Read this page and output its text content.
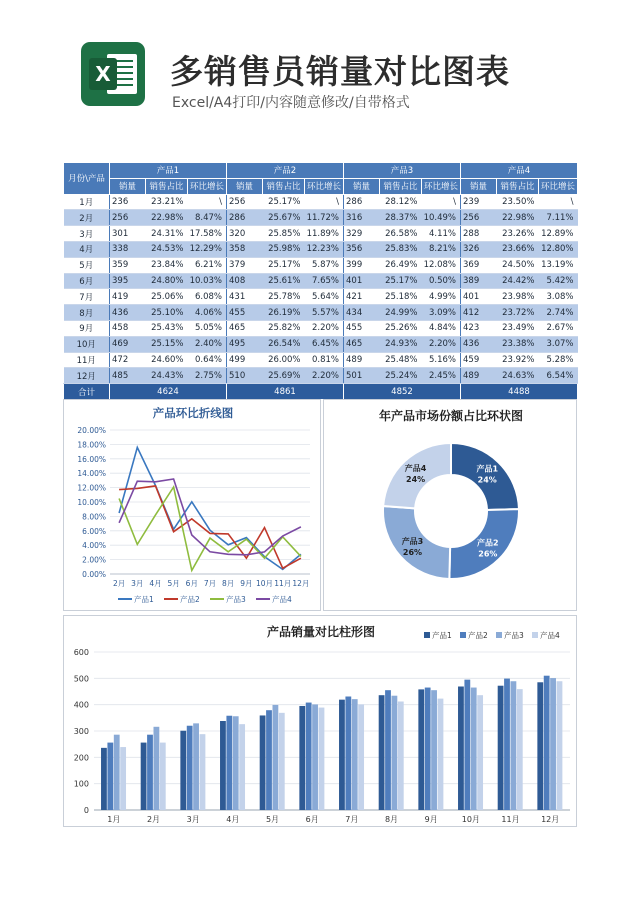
X 多销售员销量对比图表
Excel/A4打印/内容随意修改/自带格式
月份\产品	产品1			产品2			产品3			产品4		
	销量	销售占比	环比增长	销量	销售占比	环比增长	销量	销售占比	环比增长	销量	销售占比	环比增长
1月	236	23.21%	\	256	25.17%	\	286	28.12%	\	239	23.50%	\
2月	256	22.98%	8.47%	286	25.67%	11.72%	316	28.37%	10.49%	256	22.98%	7.11%
3月	301	24.31%	17.58%	320	25.85%	11.89%	329	26.58%	4.11%	288	23.26%	12.89%
4月	338	24.53%	12.29%	358	25.98%	12.23%	356	25.83%	8.21%	326	23.66%	12.80%
5月	359	23.84%	6.21%	379	25.17%	5.87%	399	26.49%	12.08%	369	24.50%	13.19%
6月	395	24.80%	10.03%	408	25.61%	7.65%	401	25.17%	0.50%	389	24.42%	5.42%
7月	419	25.06%	6.08%	431	25.78%	5.64%	421	25.18%	4.99%	401	23.98%	3.08%
8月	436	25.10%	4.06%	455	26.19%	5.57%	434	24.99%	3.09%	412	23.72%	2.74%
9月	458	25.43%	5.05%	465	25.82%	2.20%	455	25.26%	4.84%	423	23.49%	2.67%
10月	469	25.15%	2.40%	495	26.54%	6.45%	465	24.93%	2.20%	436	23.38%	3.07%
11月	472	24.60%	0.64%	499	26.00%	0.81%	489	25.48%	5.16%	459	23.92%	5.28%
12月	485	24.43%	2.75%	510	25.69%	2.20%	501	25.24%	2.45%	489	24.63%	6.54%
合计	4624			4861			4852			4488		
产品环比折线图
0.00%
2.00%
4.00%
6.00%
8.00%
10.00%
12.00%
14.00%
16.00%
18.00%
20.00%
2月 3月 4月 5月 6月 7月 8月 9月 10月 11月 12月
产品1	产品2	产品3	产品4
年产品市场份额占比环状图
产品1
24%
产品2
26%
产品3
26%
产品4
24%
产品销量对比柱形图
0
100
200
300
400
500
600
1月	2月	3月	4月	5月	6月	7月	8月	9月	10月	11月	12月
产品1 产品2 产品3 产品4
